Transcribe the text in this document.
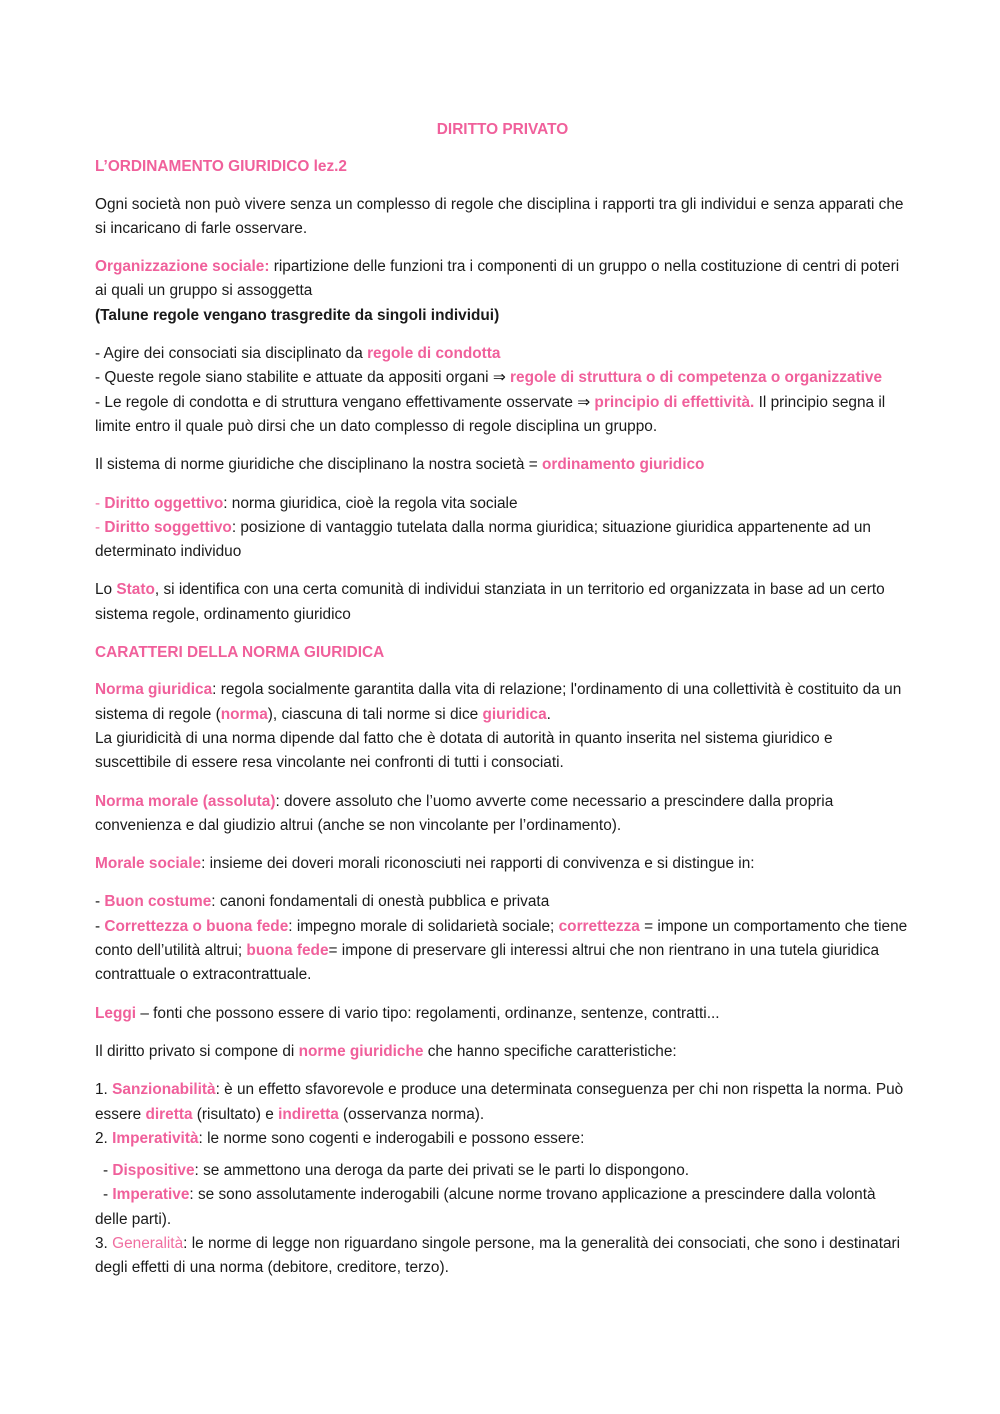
DIRITTO PRIVATO
L’ORDINAMENTO GIURIDICO lez.2

Ogni società non può vivere senza un complesso di regole che disciplina i rapporti tra gli individui e senza apparati che si incaricano di farle osservare.

Organizzazione sociale: ripartizione delle funzioni tra i componenti di un gruppo o nella costituzione di centri di poteri ai quali un gruppo si assoggetta
(Talune regole vengano trasgredite da singoli individui)

- Agire dei consociati sia disciplinato da regole di condotta
- Queste regole siano stabilite e attuate da appositi organi ⇒ regole di struttura o di competenza o organizzative
- Le regole di condotta e di struttura vengano effettivamente osservate ⇒ principio di effettività. Il principio segna il limite entro il quale può dirsi che un dato complesso di regole disciplina un gruppo.

Il sistema di norme giuridiche che disciplinano la nostra società = ordinamento giuridico

- Diritto oggettivo: norma giuridica, cioè la regola vita sociale
- Diritto soggettivo: posizione di vantaggio tutelata dalla norma giuridica; situazione giuridica appartenente ad un determinato individuo

Lo Stato, si identifica con una certa comunità di individui stanziata in un territorio ed organizzata in base ad un certo sistema regole, ordinamento giuridico

CARATTERI DELLA NORMA GIURIDICA

Norma giuridica: regola socialmente garantita dalla vita di relazione; l'ordinamento di una collettività è costituito da un sistema di regole (norma), ciascuna di tali norme si dice giuridica.
La giuridicità di una norma dipende dal fatto che è dotata di autorità in quanto inserita nel sistema giuridico e suscettibile di essere resa vincolante nei confronti di tutti i consociati.

Norma morale (assoluta): dovere assoluto che l’uomo avverte come necessario a prescindere dalla propria convenienza e dal giudizio altrui (anche se non vincolante per l’ordinamento).

Morale sociale: insieme dei doveri morali riconosciuti nei rapporti di convivenza e si distingue in:

- Buon costume: canoni fondamentali di onestà pubblica e privata
- Correttezza o buona fede: impegno morale di solidarietà sociale; correttezza = impone un comportamento che tiene conto dell’utilità altrui; buona fede= impone di preservare gli interessi altrui che non rientrano in una tutela giuridica contrattuale o extracontrattuale.

Leggi – fonti che possono essere di vario tipo: regolamenti, ordinanze, sentenze, contratti...

Il diritto privato si compone di norme giuridiche che hanno specifiche caratteristiche:

1. Sanzionabilità: è un effetto sfavorevole e produce una determinata conseguenza per chi non rispetta la norma. Può essere diretta (risultato) e indiretta (osservanza norma).
2. Imperatività: le norme sono cogenti e inderogabili e possono essere:

- Dispositive: se ammettono una deroga da parte dei privati se le parti lo dispongono.
- Imperative: se sono assolutamente inderogabili (alcune norme trovano applicazione a prescindere dalla volontà delle parti).
3. Generalità: le norme di legge non riguardano singole persone, ma la generalità dei consociati, che sono i destinatari degli effetti di una norma (debitore, creditore, terzo).
